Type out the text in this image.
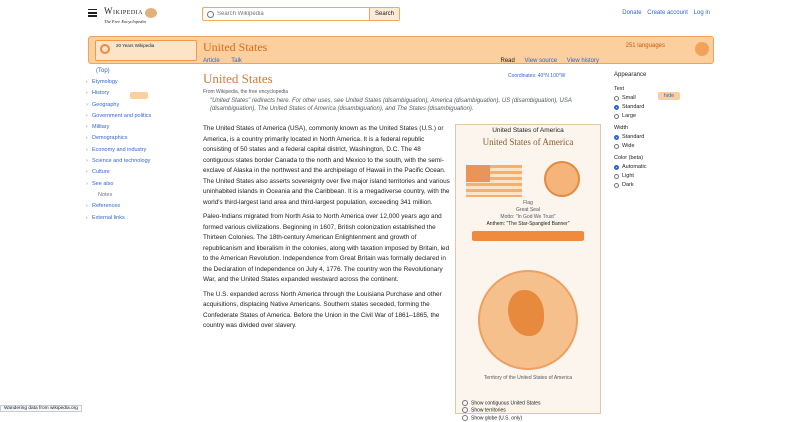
Wikipedia
The Free Encyclopedia
Search Wikipedia
Search	Donate Create account Log in
20 Years Wikipedia	United States	251 languages
Article Talk	Read View source View history
United States	Coordinates: 40°N 100°W
From Wikipedia, the free encyclopedia
"United States" redirects here. For other uses, see United States (disambiguation), America (disambiguation), US (disambiguation), USA (disambiguation), The United States of America (disambiguation), and The States (disambiguation).
(Top)
› Etymology
› History
› Geography
› Government and politics
› Military
› Demographics
› Economy and industry
› Science and technology
› Culture
› See also
Notes
› References
› External links

The United States of America (USA), commonly known as the United States (U.S.) or America, is a country primarily located in North America. It is a federal republic consisting of 50 states and a federal capital district, Washington, D.C. The 48 contiguous states border Canada to the north and Mexico to the south, with the semi-exclave of Alaska in the northwest and the archipelago of Hawaii in the Pacific Ocean. The United States also asserts sovereignty over five major island territories and various uninhabited islands in Oceania and the Caribbean. It is a megadiverse country, with the world's third-largest land area and third-largest population, exceeding 341 million.

Paleo-Indians migrated from North Asia to North America over 12,000 years ago and formed various civilizations. Beginning in 1607, British colonization established the Thirteen Colonies. The 18th-century American Enlightenment and growth of republicanism and liberalism in the colonies, along with taxation imposed by Britain, led to the American Revolution. Independence from Great Britain was formally declared in the Declaration of Independence on July 4, 1776. The country won the Revolutionary War, and the United States expanded westward across the continent.

The U.S. expanded across North America through the Louisiana Purchase and other acquisitions, displacing Native Americans. Southern states seceded, forming the Confederate States of America. Before the Union in the Civil War of 1861–1865, the country was divided over slavery.

United States of America
United States of America
Flag
Great Seal
Motto: "In God We Trust"
Anthem: "The Star-Spangled Banner"
Territory of the United States of America
Show contiguous United States
Show territories
Show globe (U.S. only)
Appearance
hide
Text
Small
Standard
Large
Width
Standard
Wide
Color (beta)
Automatic
Light
Dark
Wandering data from wikipedia.org
